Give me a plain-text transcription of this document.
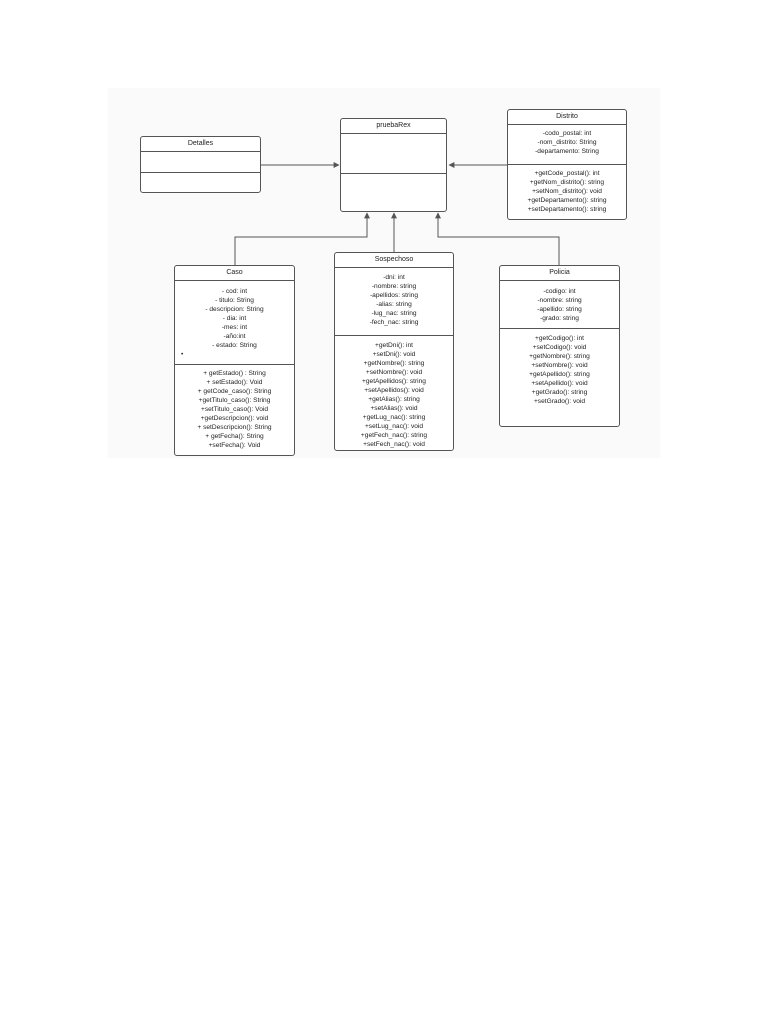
Detalles
pruebaRex
Distrito
-codo_postal: int
-nom_distrito: String
-departamento: String
+getCode_postal(): int
+getNom_distrito(): string
+setNom_distrito(): void
+getDepartamento(): string
+setDepartamento(): string
Caso
- cod: int
- titulo: String
- descripcion: String
- dia: int
-mes: int
-año:int
- estado: String
•
+ getEstado() : String
+ setEstado(): Void
+ getCode_caso(): String
+getTitulo_caso(): String
+setTitulo_caso(): Void
+getDescripcion(): void
+ setDescripcion(): String
+ getFecha(): String
+setFecha(): Void
Sospechoso
-dni: int
-nombre: string
-apellidos: string
-alias: string
-lug_nac: string
-fech_nac: string
+getDni(): int
+setDni(): void
+getNombre(): string
+setNombre(): void
+getApellidos(): string
+setApellidos(): void
+getAlias(): string
+setAlias(): void
+getLug_nac(): string
+setLug_nac(): void
+getFech_nac(): string
+setFech_nac(): void
Policia
-codigo: int
-nombre: string
-apellido: string
-grado: string
+getCodigo(): int
+setCodigo(): void
+getNombre(): string
+setNombre(): void
+getApellido(): string
+setApellido(): void
+getGrado(): string
+setGrado(): void
